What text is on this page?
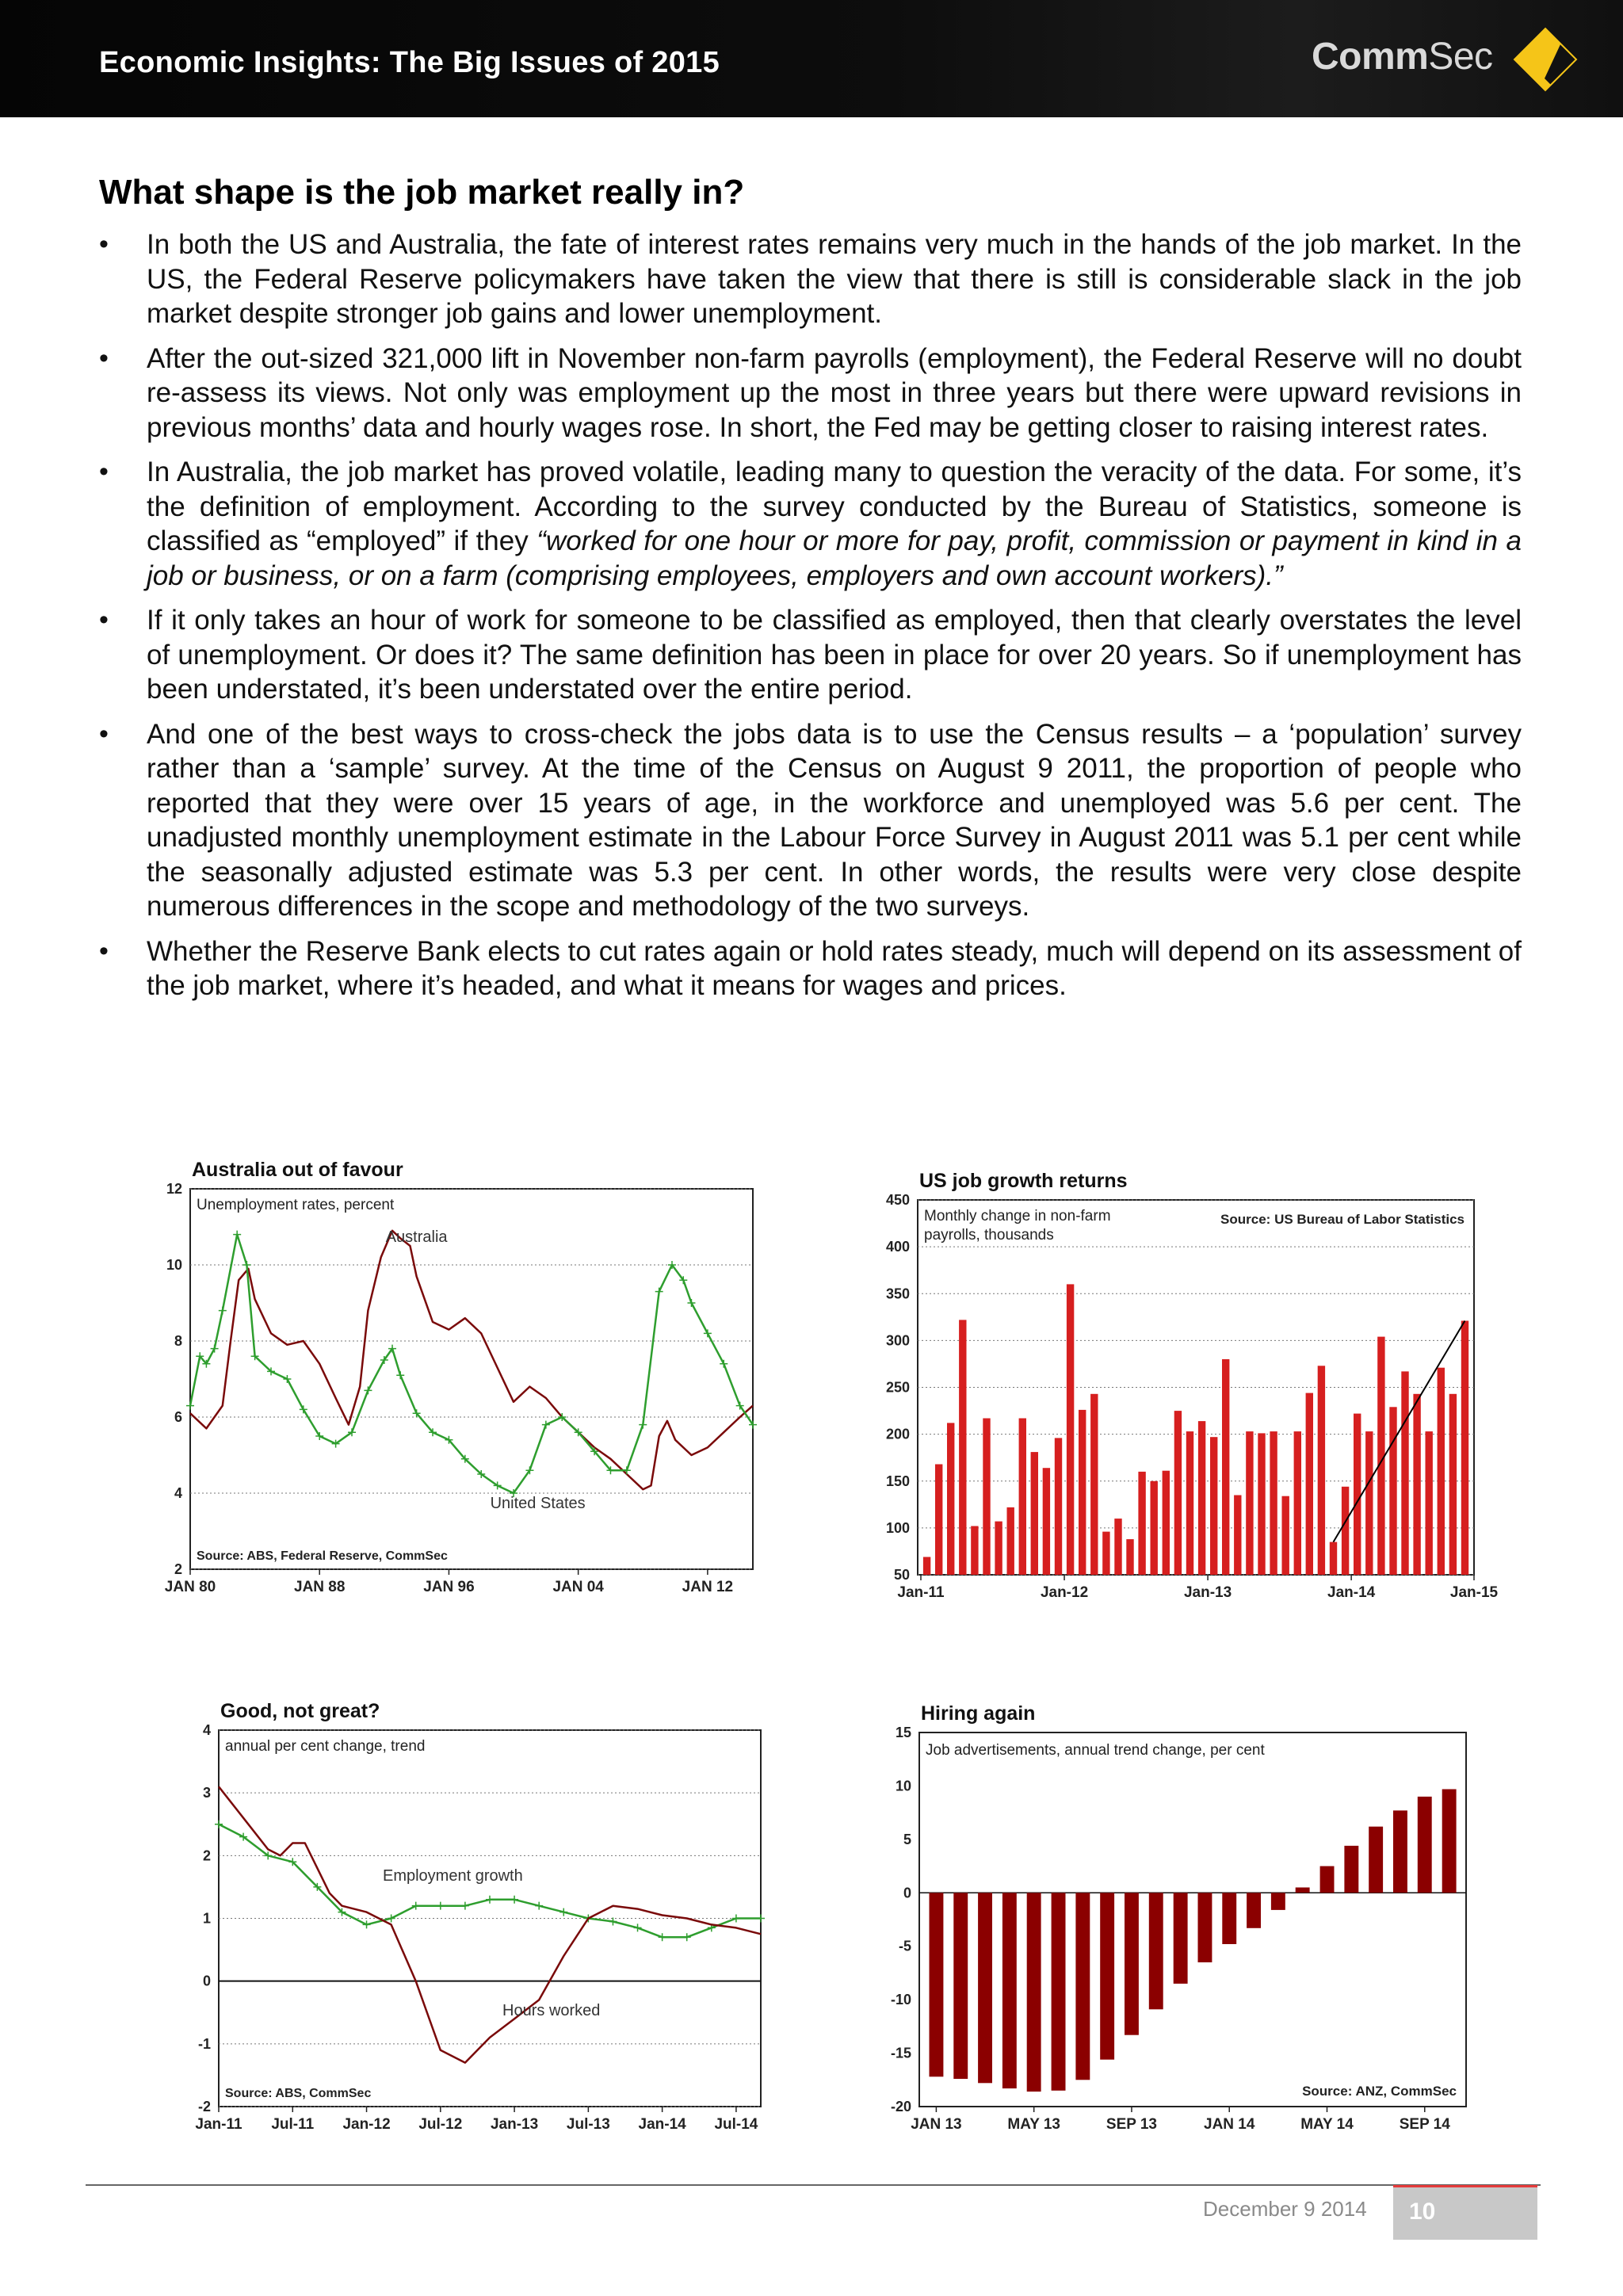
Economic Insights: The Big Issues of 2015	CommSec
What shape is the job market really in?
• In both the US and Australia, the fate of interest rates remains very much in the hands of the job market. In the US, the Federal Reserve policymakers have taken the view that there is still is considerable slack in the job market despite stronger job gains and lower unemployment.
• After the out-sized 321,000 lift in November non-farm payrolls (employment), the Federal Reserve will no doubt re-assess its views. Not only was employment up the most in three years but there were upward revisions in previous months’ data and hourly wages rose. In short, the Fed may be getting closer to raising interest rates.
• In Australia, the job market has proved volatile, leading many to question the veracity of the data. For some, it’s the definition of employment. According to the survey conducted by the Bureau of Statistics, someone is classified as “employed” if they “worked for one hour or more for pay, profit, commission or payment in kind in a job or business, or on a farm (comprising employees, employers and own account workers).”
• If it only takes an hour of work for someone to be classified as employed, then that clearly overstates the level of unemployment. Or does it? The same definition has been in place for over 20 years. So if unemployment has been understated, it’s been understated over the entire period.
• And one of the best ways to cross-check the jobs data is to use the Census results – a ‘population’ survey rather than a ‘sample’ survey. At the time of the Census on August 9 2011, the proportion of people who reported that they were over 15 years of age, in the workforce and unemployed was 5.6 per cent. The unadjusted monthly unemployment estimate in the Labour Force Survey in August 2011 was 5.1 per cent while the seasonally adjusted estimate was 5.3 per cent. In other words, the results were very close despite numerous differences in the scope and methodology of the two surveys.
• Whether the Reserve Bank elects to cut rates again or hold rates steady, much will depend on its assessment of the job market, where it’s headed, and what it means for wages and prices.
2
4
6
8
10
12
Australia out of favour
Unemployment rates, percent
Source: ABS, Federal Reserve, CommSec
JAN 80	JAN 88	JAN 96	JAN 04	JAN 12
Australia
United States
50
100
150
200
250
300
350
400
450
US job growth returns
Monthly change in non-farm
payrolls, thousands
Source: US Bureau of Labor Statistics
Jan-11	Jan-12	Jan-13	Jan-14	Jan-15
-2
-1
0
1
2
3
4
Good, not great?
annual per cent change, trend
Source: ABS, CommSec
Jan-11 Jul-11 Jan-12 Jul-12 Jan-13 Jul-13 Jan-14 Jul-14
Employment growth
Hours worked
-20
-15
-10
-5
0
5
10
15
Hiring again
Job advertisements, annual trend change, per cent
Source: ANZ, CommSec
JAN 13	MAY 13	SEP 13	JAN 14	MAY 14	SEP 14
December 9 2014 10
